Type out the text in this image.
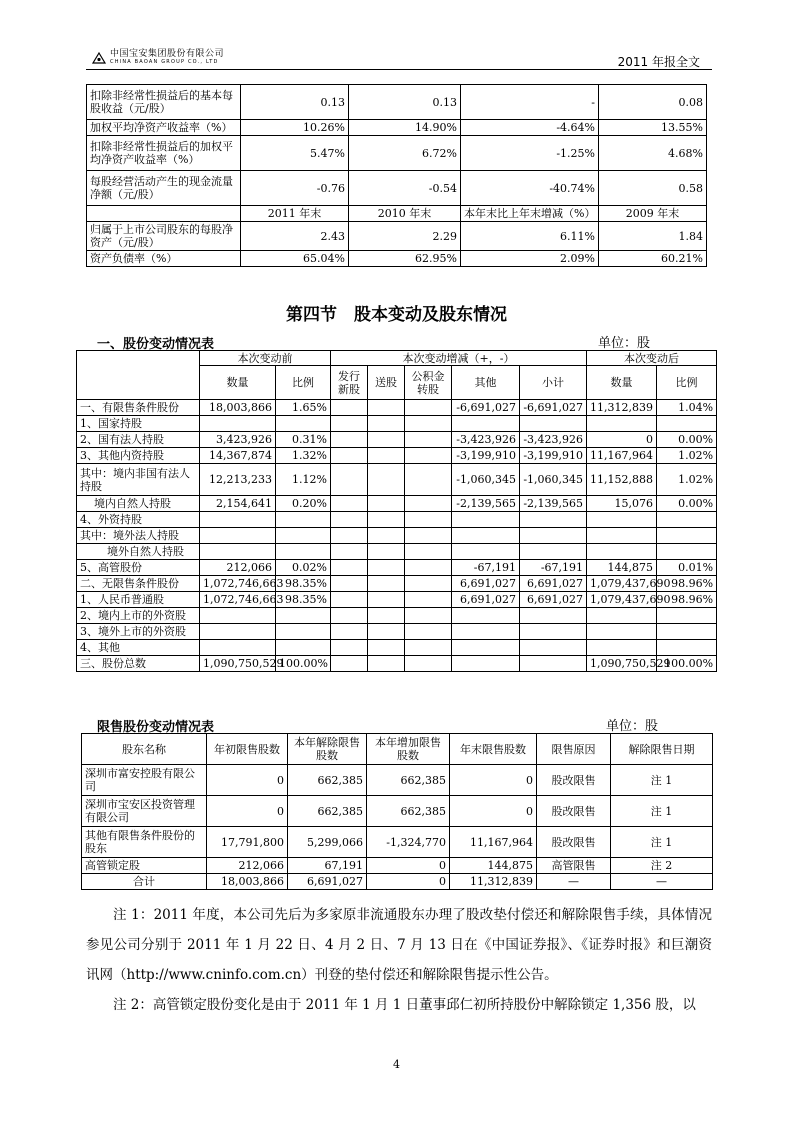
中国宝安集团股份有限公司
CHINA BAOAN GROUP CO., LTD	2011 年报全文
扣除非经常性损益后的基本每股收益（元/股）	0.13	0.13	-	0.08
加权平均净资产收益率（%）	10.26%	14.90%	-4.64%	13.55%
扣除非经常性损益后的加权平均净资产收益率（%）	5.47%	6.72%	-1.25%	4.68%
每股经营活动产生的现金流量净额（元/股）	-0.76	-0.54	-40.74%	0.58
	2011 年末	2010 年末	本年末比上年末增减（%）	2009 年末
归属于上市公司股东的每股净资产（元/股）	2.43	2.29	6.11%	1.84
资产负债率（%）	65.04%	62.95%	2.09%	60.21%
第四节　股本变动及股东情况
一、股份变动情况表	单位：股
	本次变动前		本次变动增减（+，-）					本次变动后	
	数量	比例	发行新股	送股	公积金转股	其他	小计	数量	比例
一、有限售条件股份	18,003,866	1.65%				-6,691,027	-6,691,027	11,312,839	1.04%
1、国家持股									
2、国有法人持股	3,423,926	0.31%				-3,423,926	-3,423,926	0	0.00%
3、其他内资持股	14,367,874	1.32%				-3,199,910	-3,199,910	11,167,964	1.02%
其中：境内非国有法人持股	12,213,233	1.12%				-1,060,345	-1,060,345	11,152,888	1.02%
境内自然人持股	2,154,641	0.20%				-2,139,565	-2,139,565	15,076	0.00%
4、外资持股									
其中：境外法人持股									
境外自然人持股									
5、高管股份	212,066	0.02%				-67,191	-67,191	144,875	0.01%
二、无限售条件股份	1,072,746,663	98.35%				6,691,027	6,691,027	1,079,437,690	98.96%
1、人民币普通股	1,072,746,663	98.35%				6,691,027	6,691,027	1,079,437,690	98.96%
2、境内上市的外资股									
3、境外上市的外资股									
4、其他									
三、股份总数	1,090,750,529	100.00%						1,090,750,529	100.00%
限售股份变动情况表	单位：股
股东名称	年初限售股数	本年解除限售股数	本年增加限售股数	年末限售股数	限售原因	解除限售日期
深圳市富安控股有限公司	0	662,385	662,385	0	股改限售	注 1
深圳市宝安区投资管理有限公司	0	662,385	662,385	0	股改限售	注 1
其他有限售条件股份的股东	17,791,800	5,299,066	-1,324,770	11,167,964	股改限售	注 1
高管锁定股	212,066	67,191	0	144,875	高管限售	注 2
合计	18,003,866	6,691,027	0	11,312,839	—	—
注 1：2011 年度，本公司先后为多家原非流通股东办理了股改垫付偿还和解除限售手续，具体情况参见公司分别于 2011 年 1 月 22 日、4 月 2 日、7 月 13 日在《中国证券报》、《证券时报》和巨潮资讯网（http://www.cninfo.com.cn）刊登的垫付偿还和解除限售提示性公告。
注 2：高管锁定股份变化是由于 2011 年 1 月 1 日董事邱仁初所持股份中解除锁定 1,356 股，以
4
